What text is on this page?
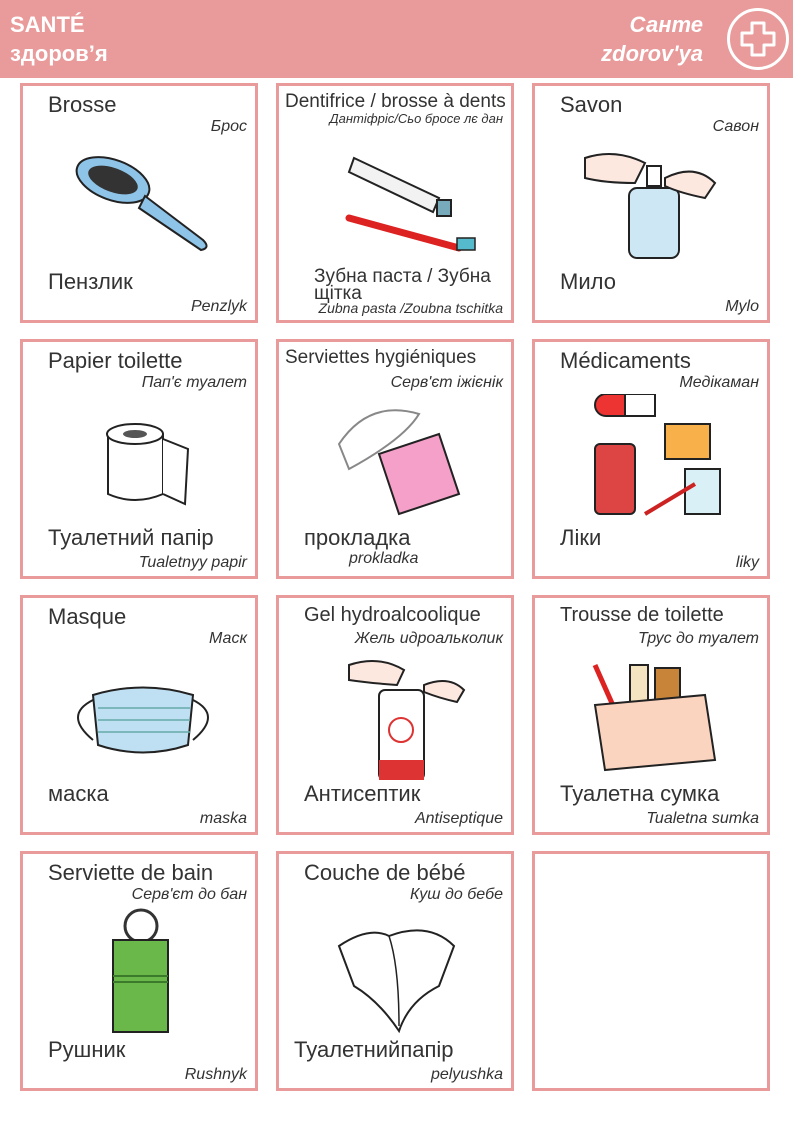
SANTÉ
здоров’я
Санте
zdorov'ya
Brosse
Брос
Пензлик
Penzlyk
Dentifrice / brosse à dents
Дантіфріс/Сьо бросе лє дан
Зубна паста / Зубна щітка
Zubna pasta /Zoubna tschitka
Savon
Савон
Мило
Mylo
Papier toilette
Пап'є туалет
Туалетний папір
Tualetnyy papir
Serviettes hygiéniques
Серв'єт іжієнік
прокладка
prokladka
Médicaments
Медікаман
Ліки
liky
Masque
Маск
маска
maska
Gel hydroalcoolique
Жель идроальколик
Антисептик
Antiseptique
Trousse de toilette
Трус до туалет
Туалетна сумка
Tualetna sumka
Serviette de bain
Серв'єт до бан
Рушник
Rushnyk
Couche de bébé
Куш до бебе
Туалетнийпапір
pelyushka
